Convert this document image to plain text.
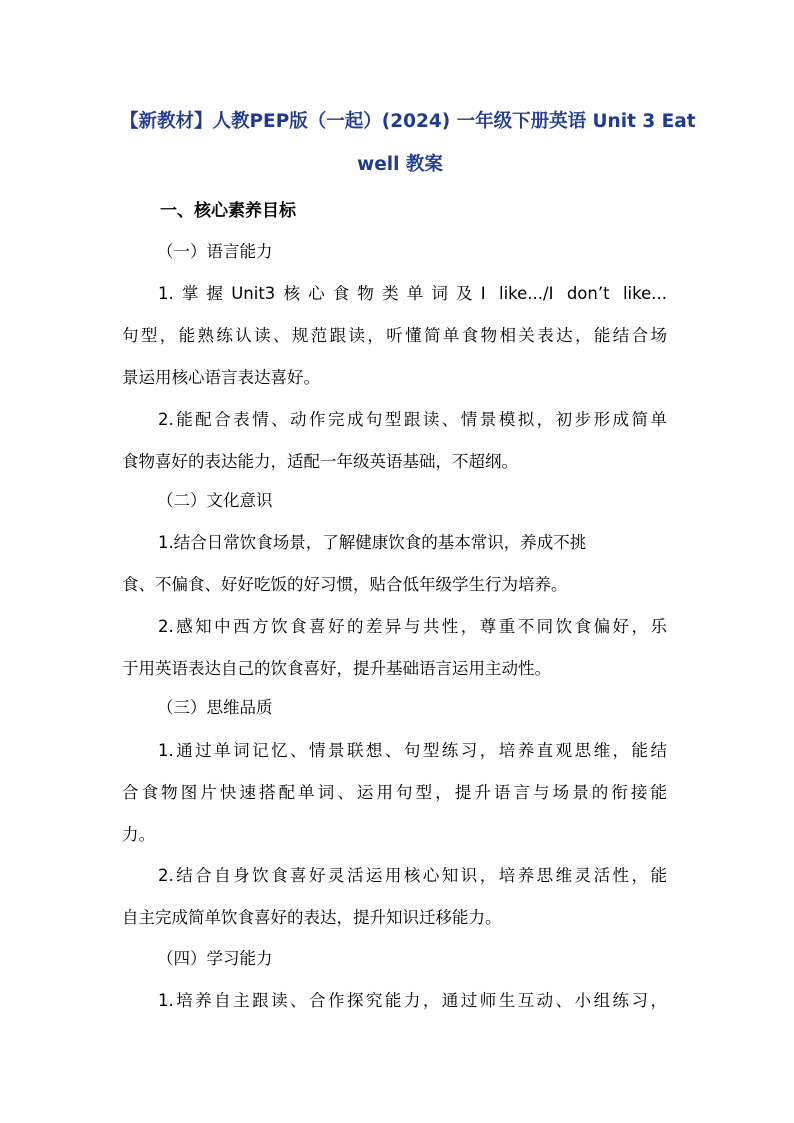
【新教材】人教PEP版（一起）(2024) 一年级下册英语 Unit 3 Eat
well 教案
一、核心素养目标
（一）语言能力
1.掌握Unit3核心食物类单词及I like.../I don’t like...
句型，能熟练认读、规范跟读，听懂简单食物相关表达，能结合场
景运用核心语言表达喜好。
2.能配合表情、动作完成句型跟读、情景模拟，初步形成简单
食物喜好的表达能力，适配一年级英语基础，不超纲。
（二）文化意识
1.结合日常饮食场景，了解健康饮食的基本常识，养成不挑
食、不偏食、好好吃饭的好习惯，贴合低年级学生行为培养。
2.感知中西方饮食喜好的差异与共性，尊重不同饮食偏好，乐
于用英语表达自己的饮食喜好，提升基础语言运用主动性。
（三）思维品质
1.通过单词记忆、情景联想、句型练习，培养直观思维，能结
合食物图片快速搭配单词、运用句型，提升语言与场景的衔接能
力。
2.结合自身饮食喜好灵活运用核心知识，培养思维灵活性，能
自主完成简单饮食喜好的表达，提升知识迁移能力。
（四）学习能力
1.培养自主跟读、合作探究能力，通过师生互动、小组练习，
